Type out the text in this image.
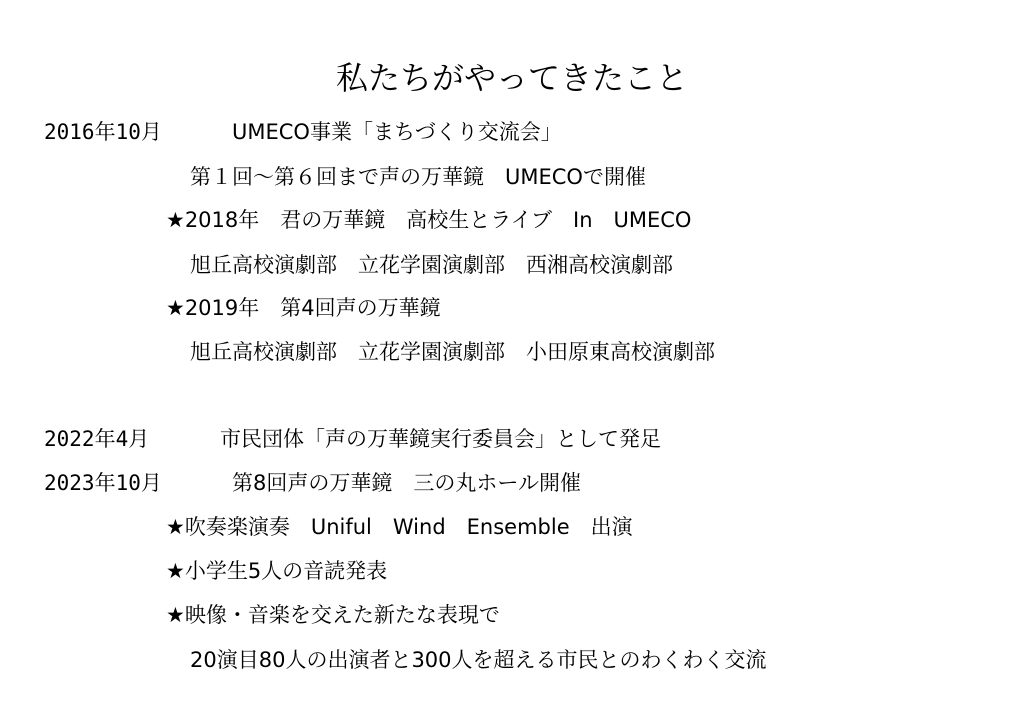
私たちがやってきたこと
2016年10月	UMECO事業「まちづくり交流会」
第１回～第６回まで声の万華鏡　UMECOで開催
★2018年　君の万華鏡　高校生とライブ　In　UMECO
旭丘高校演劇部　立花学園演劇部　西湘高校演劇部
★2019年　第4回声の万華鏡
旭丘高校演劇部　立花学園演劇部　小田原東高校演劇部
2022年4月	市民団体「声の万華鏡実行委員会」として発足
2023年10月	第8回声の万華鏡　三の丸ホール開催
★吹奏楽演奏　Uniful　Wind　Ensemble　出演
★小学生5人の音読発表
★映像・音楽を交えた新たな表現で
20演目80人の出演者と300人を超える市民とのわくわく交流
